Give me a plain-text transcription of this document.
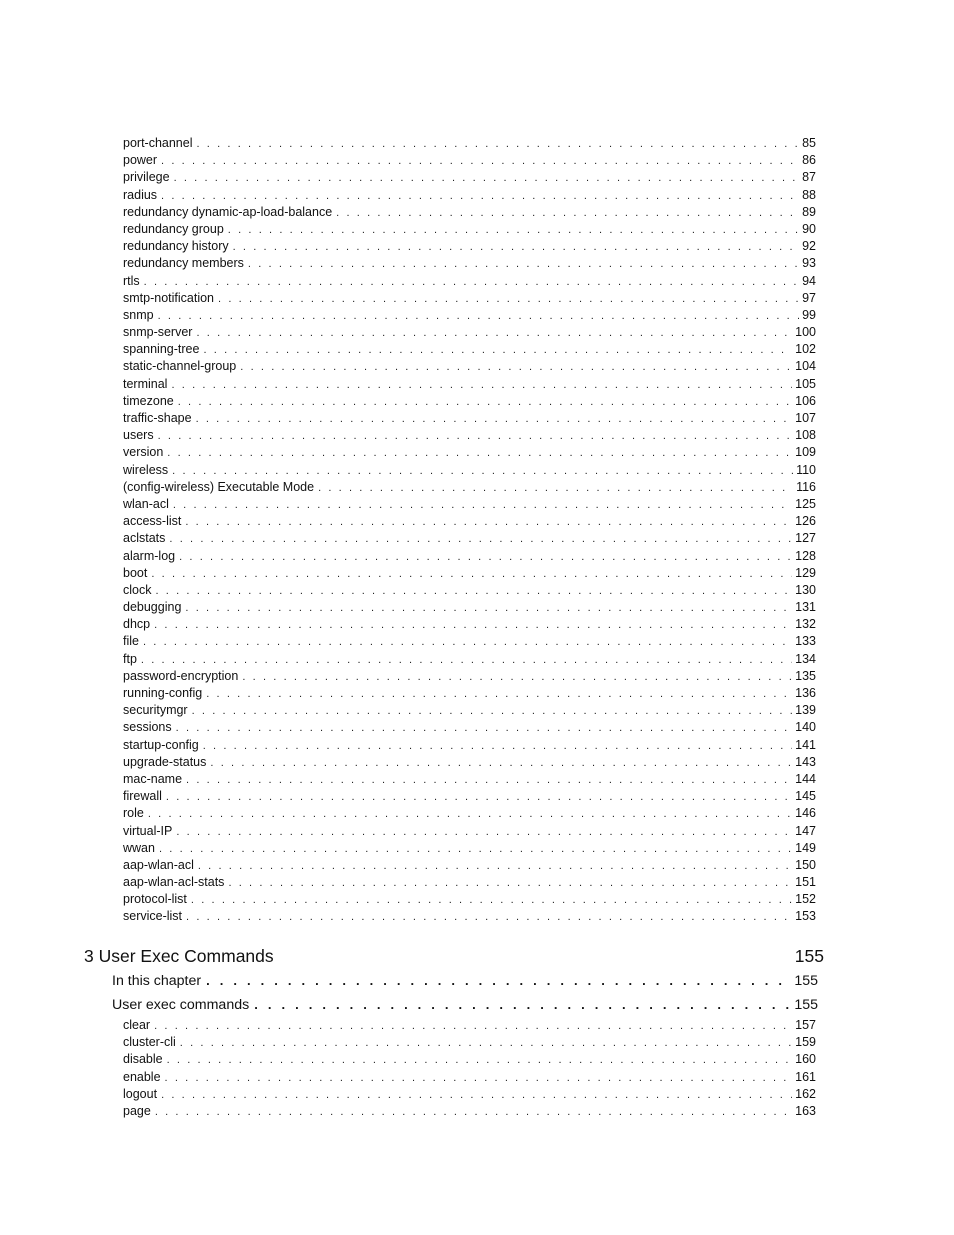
port-channel . . .	85
power . . .	86
privilege . . .	87
radius . . .	88
redundancy dynamic-ap-load-balance . . .	89
redundancy group . . .	90
redundancy history . . .	92
redundancy members . . .	93
rtls . . .	94
smtp-notification . . .	97
snmp . . .	99
snmp-server . . .	100
spanning-tree . . .	102
static-channel-group . . .	104
terminal . . .	105
timezone . . .	106
traffic-shape . . .	107
users . . .	108
version . . .	109
wireless . . .	110
(config-wireless) Executable Mode . . .	116
wlan-acl . . .	125
access-list . . .	126
aclstats . . .	127
alarm-log . . .	128
boot . . .	129
clock . . .	130
debugging . . .	131
dhcp . . .	132
file . . .	133
ftp . . .	134
password-encryption . . .	135
running-config . . .	136
securitymgr . . .	139
sessions . . .	140
startup-config . . .	141
upgrade-status . . .	143
mac-name . . .	144
firewall . . .	145
role . . .	146
virtual-IP . . .	147
wwan . . .	149
aap-wlan-acl . . .	150
aap-wlan-acl-stats . . .	151
protocol-list . . .	152
service-list . . .	153
3 User Exec Commands	155
In this chapter . . .	155
User exec commands . . .	155
clear . . .	157
cluster-cli . . .	159
disable . . .	160
enable . . .	161
logout . . .	162
page . . .	163
